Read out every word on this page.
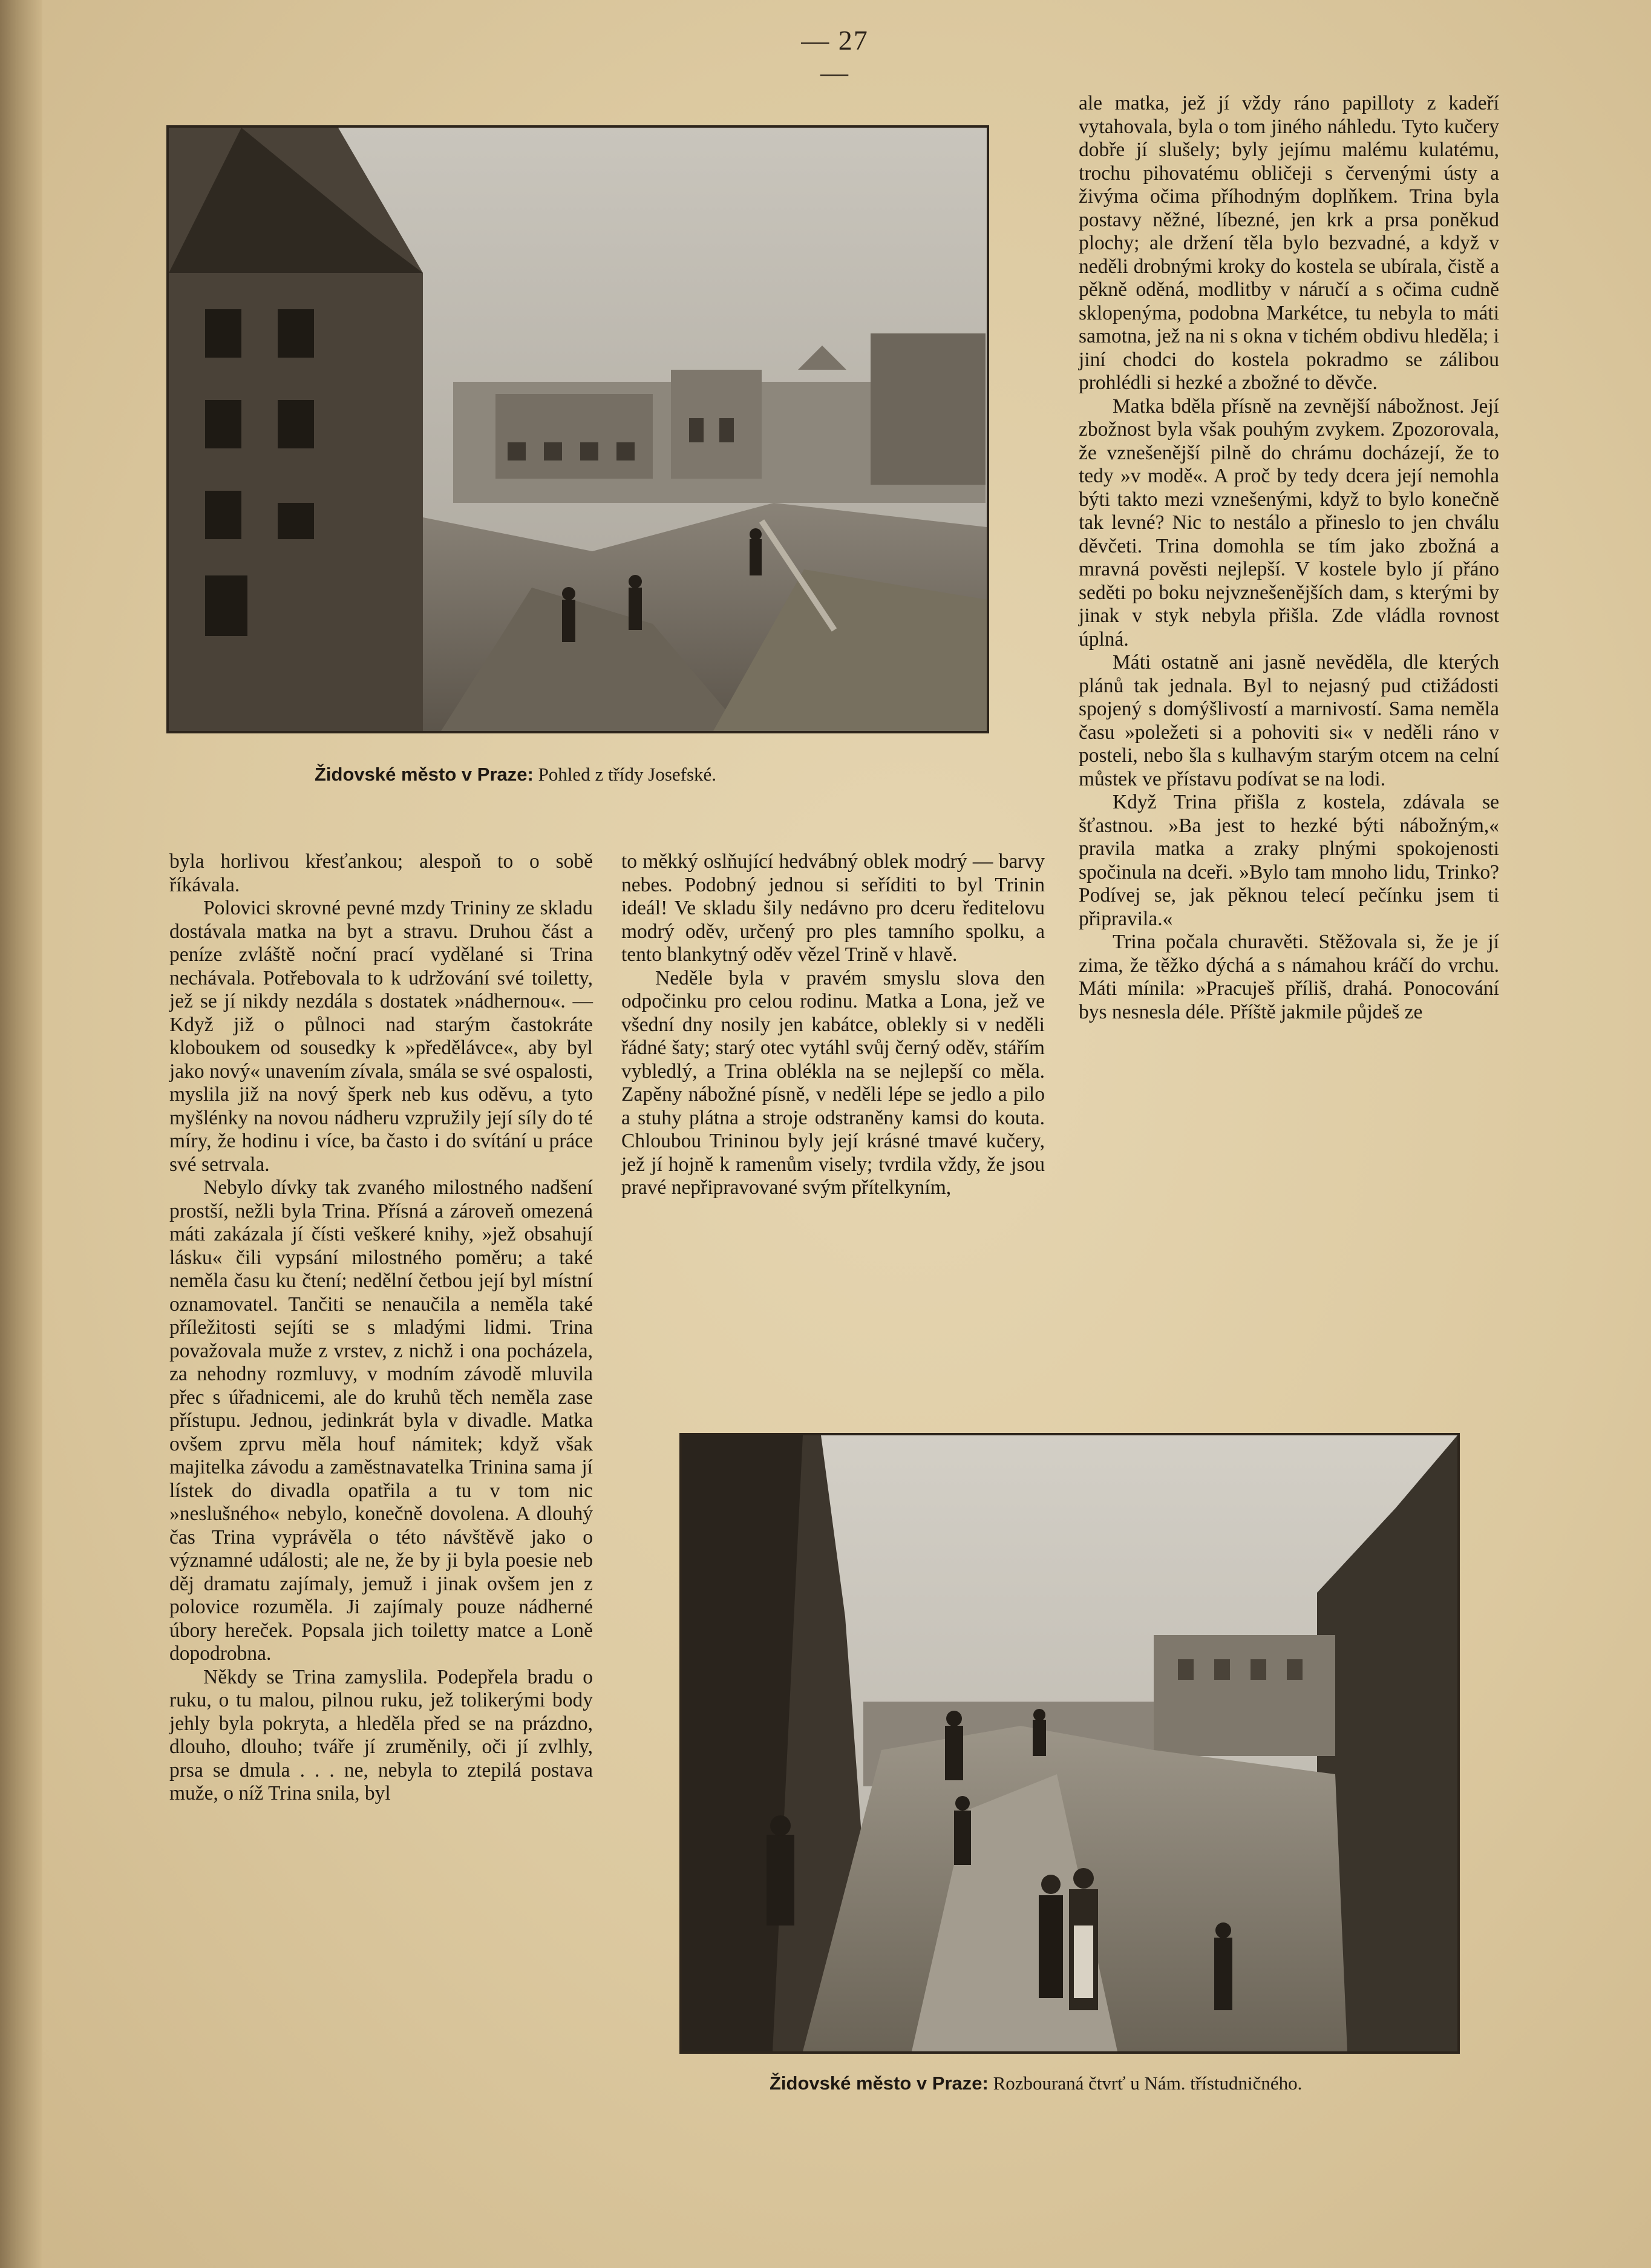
— 27 —
Židovské město v Praze: Pohled z třídy Josefské.
Židovské město v Praze: Rozbouraná čtvrť u Nám. třístudničného.

ale matka, jež jí vždy ráno papilloty z kadeří vytahovala, byla o tom jiného náhledu. Tyto kučery dobře jí slušely; byly jejímu malému kulatému, trochu pihovatému obličeji s červenými ústy a živýma očima příhodným doplňkem. Trina byla postavy něžné, líbezné, jen krk a prsa poněkud plochy; ale držení těla bylo bezvadné, a když v neděli drobnými kroky do kostela se ubírala, čistě a pěkně oděná, modlitby v náručí a s očima cudně sklopenýma, podobna Markétce, tu nebyla to máti samotna, jež na ni s okna v tichém obdivu hleděla; i jiní chodci do kostela pokradmo se zálibou prohlédli si hezké a zbožné to děvče.

Matka bděla přísně na zevnější nábožnost. Její zbožnost byla však pouhým zvykem. Zpozorovala, že vznešenější pilně do chrámu docházejí, že to tedy »v modě«. A proč by tedy dcera její nemohla býti takto mezi vznešenými, když to bylo konečně tak levné? Nic to nestálo a přineslo to jen chválu děvčeti. Trina domohla se tím jako zbožná a mravná pověsti nejlepší. V kostele bylo jí přáno seděti po boku nejvznešenějších dam, s kterými by jinak v styk nebyla přišla. Zde vládla rovnost úplná.

Máti ostatně ani jasně nevěděla, dle kterých plánů tak jednala. Byl to nejasný pud ctižádosti spojený s domýšlivostí a marnivostí. Sama neměla času »poležeti si a pohoviti si« v neděli ráno v posteli, nebo šla s kulhavým starým otcem na celní můstek ve přístavu podívat se na lodi.

Když Trina přišla z kostela, zdávala se šťastnou. »Ba jest to hezké býti nábožným,« pravila matka a zraky plnými spokojenosti spočinula na dceři. »Bylo tam mnoho lidu, Trinko? Podívej se, jak pěknou telecí pečínku jsem ti připravila.«

Trina počala churavěti. Stěžovala si, že je jí zima, že těžko dýchá a s námahou kráčí do vrchu. Máti mínila: »Pracuješ příliš, drahá. Ponocování bys nesnesla déle. Příště jakmile půjdeš ze

byla horlivou křesťankou; alespoň to o sobě říkávala.

Polovici skrovné pevné mzdy Trininy ze skladu dostávala matka na byt a stravu. Druhou část a peníze zvláště noční prací vydělané si Trina nechávala. Potřebovala to k udržování své toiletty, jež se jí nikdy nezdála s dostatek »nádhernou«. — Když již o půlnoci nad starým častokráte kloboukem od sousedky k »předělávce«, aby byl jako nový« unavením zívala, smála se své ospalosti, myslila již na nový šperk neb kus oděvu, a tyto myšlénky na novou nádheru vzpružily její síly do té míry, že hodinu i více, ba často i do svítání u práce své setrvala.

Nebylo dívky tak zvaného milostného nadšení prostší, nežli byla Trina. Přísná a zároveň omezená máti zakázala jí čísti veškeré knihy, »jež obsahují lásku« čili vypsání milostného poměru; a také neměla času ku čtení; nedělní četbou její byl místní oznamovatel. Tančiti se nenaučila a neměla také příležitosti sejíti se s mladými lidmi. Trina považovala muže z vrstev, z nichž i ona pocházela, za nehodny rozmluvy, v modním závodě mluvila přec s úřadnicemi, ale do kruhů těch neměla zase přístupu. Jednou, jedinkrát byla v divadle. Matka ovšem zprvu měla houf námitek; když však majitelka závodu a zaměstnavatelka Trinina sama jí lístek do divadla opatřila a tu v tom nic »neslušného« nebylo, konečně dovolena. A dlouhý čas Trina vyprávěla o této návštěvě jako o významné události; ale ne, že by ji byla poesie neb děj dramatu zajímaly, jemuž i jinak ovšem jen z polovice rozuměla. Ji zajímaly pouze nádherné úbory hereček. Popsala jich toiletty matce a Loně dopodrobna.

Někdy se Trina zamyslila. Podepřela bradu o ruku, o tu malou, pilnou ruku, jež tolikerými body jehly byla pokryta, a hleděla před se na prázdno, dlouho, dlouho; tváře jí zruměnily, oči jí zvlhly, prsa se dmula . . . ne, nebyla to ztepilá postava muže, o níž Trina snila, byl

to měkký oslňující hedvábný oblek modrý — barvy nebes. Podobný jednou si seříditi to byl Trinin ideál! Ve skladu šily nedávno pro dceru ředitelovu modrý oděv, určený pro ples tamního spolku, a tento blankytný oděv vězel Trině v hlavě.

Neděle byla v pravém smyslu slova den odpočinku pro celou rodinu. Matka a Lona, jež ve všední dny nosily jen kabátce, oblekly si v neděli řádné šaty; starý otec vytáhl svůj černý oděv, stářím vybledlý, a Trina oblékla na se nejlepší co měla. Zapěny nábožné písně, v neděli lépe se jedlo a pilo a stuhy plátna a stroje odstraněny kamsi do kouta. Chloubou Trininou byly její krásné tmavé kučery, jež jí hojně k ramenům visely; tvrdila vždy, že jsou pravé nepřipravované svým přítelkyním,
